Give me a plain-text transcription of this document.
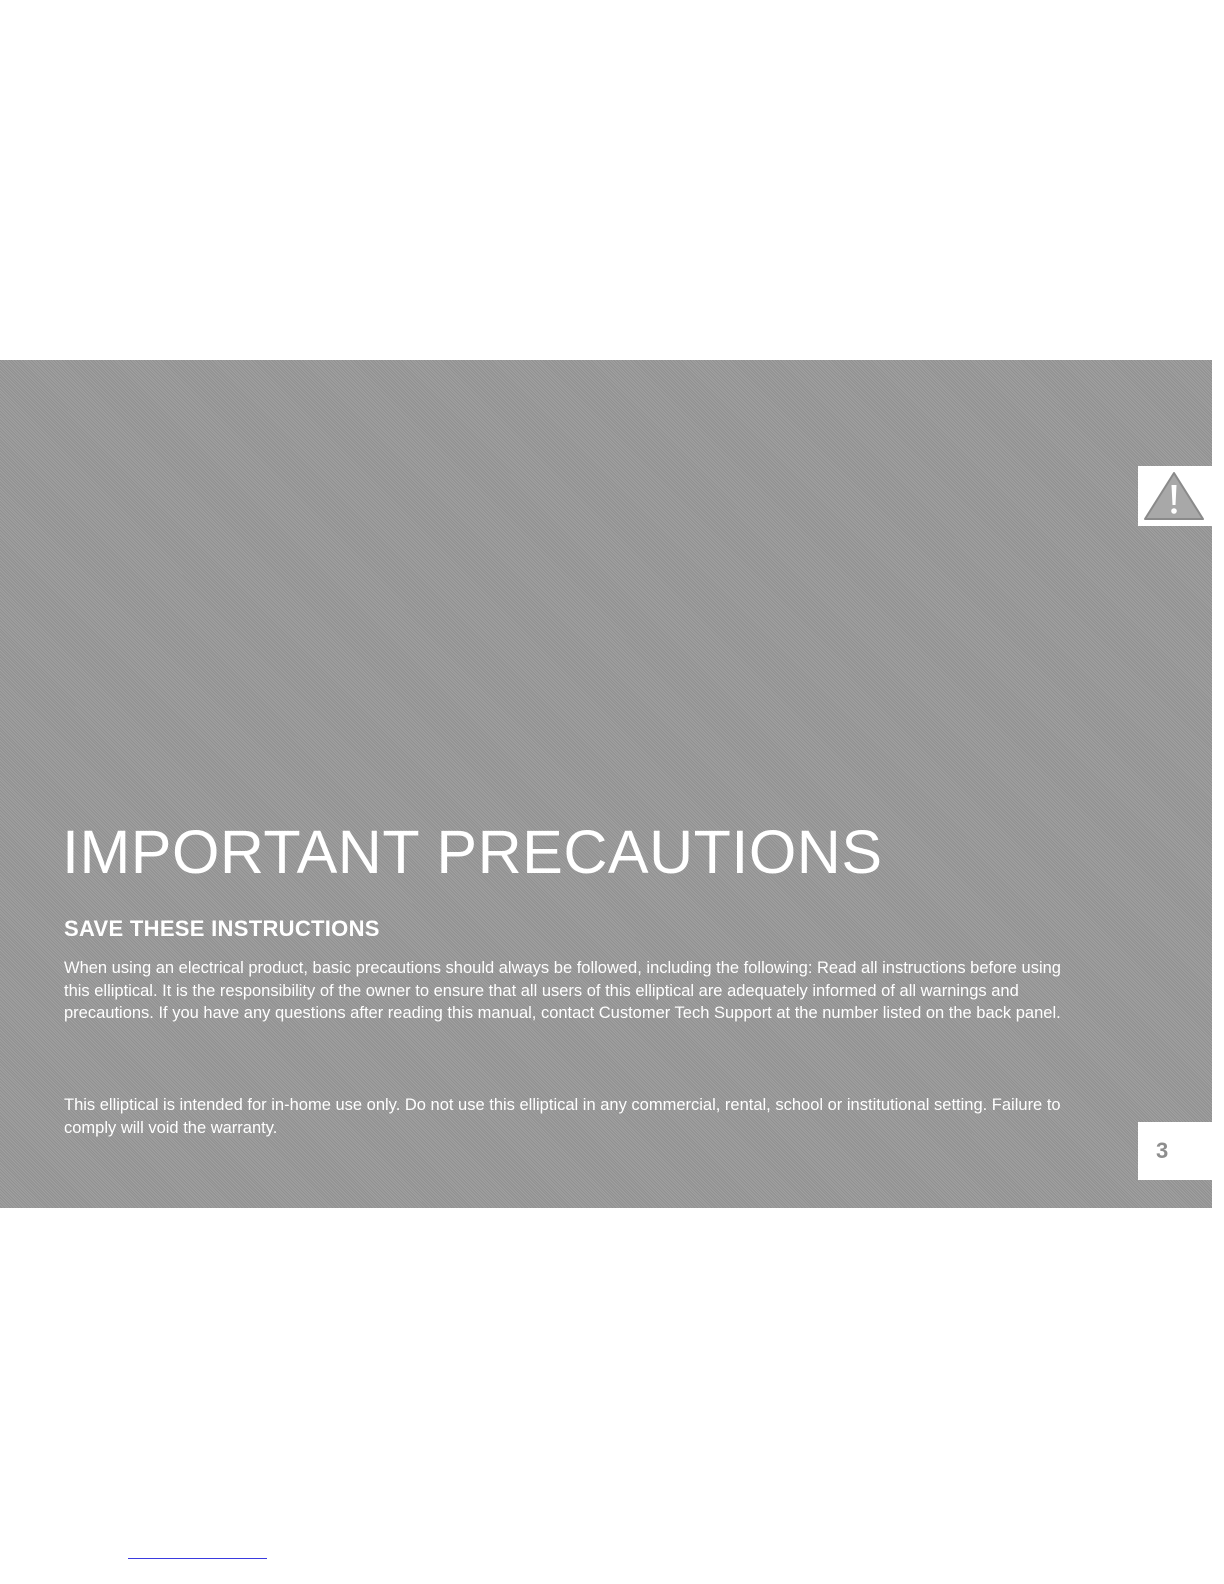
IMPORTANT PRECAUTIONS
SAVE THESE INSTRUCTIONS

When using an electrical product, basic precautions should always be followed, including the following: Read all instructions before using this elliptical. It is the responsibility of the owner to ensure that all users of this elliptical are adequately informed of all warnings and precautions. If you have any questions after reading this manual, contact Customer Tech Support at the number listed on the back panel.

This elliptical is intended for in-home use only. Do not use this elliptical in any commercial, rental, school or institutional setting. Failure to comply will void the warranty.

3
